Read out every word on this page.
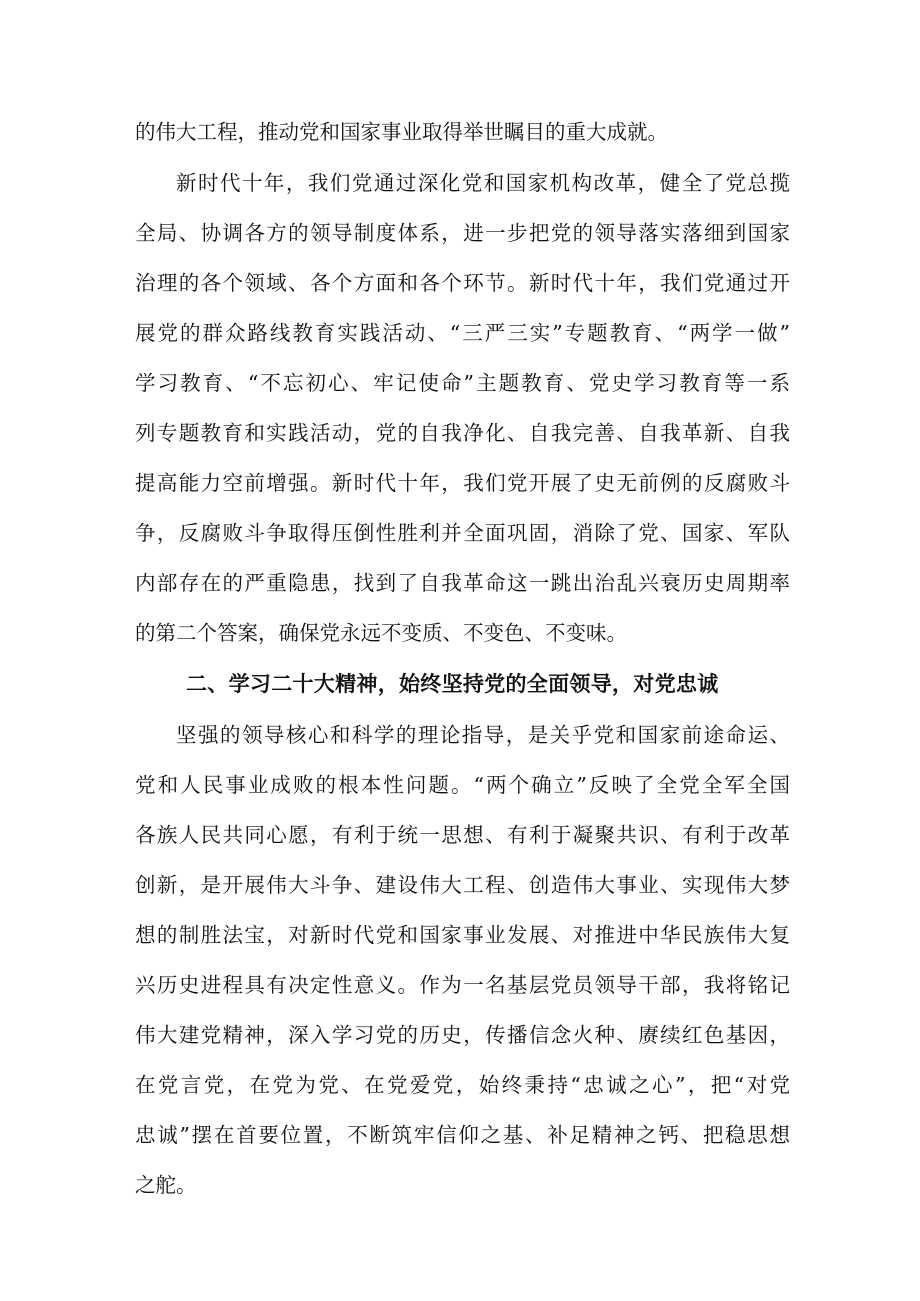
的伟大工程，推动党和国家事业取得举世瞩目的重大成就。
新时代十年，我们党通过深化党和国家机构改革，健全了党总揽
全局、协调各方的领导制度体系，进一步把党的领导落实落细到国家
治理的各个领域、各个方面和各个环节。新时代十年，我们党通过开
展党的群众路线教育实践活动、“三严三实”专题教育、“两学一做”
学习教育、“不忘初心、牢记使命”主题教育、党史学习教育等一系
列专题教育和实践活动，党的自我净化、自我完善、自我革新、自我
提高能力空前增强。新时代十年，我们党开展了史无前例的反腐败斗
争，反腐败斗争取得压倒性胜利并全面巩固，消除了党、国家、军队
内部存在的严重隐患，找到了自我革命这一跳出治乱兴衰历史周期率
的第二个答案，确保党永远不变质、不变色、不变味。
二、学习二十大精神，始终坚持党的全面领导，对党忠诚
坚强的领导核心和科学的理论指导，是关乎党和国家前途命运、
党和人民事业成败的根本性问题。“两个确立”反映了全党全军全国
各族人民共同心愿，有利于统一思想、有利于凝聚共识、有利于改革
创新，是开展伟大斗争、建设伟大工程、创造伟大事业、实现伟大梦
想的制胜法宝，对新时代党和国家事业发展、对推进中华民族伟大复
兴历史进程具有决定性意义。作为一名基层党员领导干部，我将铭记
伟大建党精神，深入学习党的历史，传播信念火种、赓续红色基因，
在党言党，在党为党、在党爱党，始终秉持“忠诚之心”，把“对党
忠诚”摆在首要位置，不断筑牢信仰之基、补足精神之钙、把稳思想
之舵。
